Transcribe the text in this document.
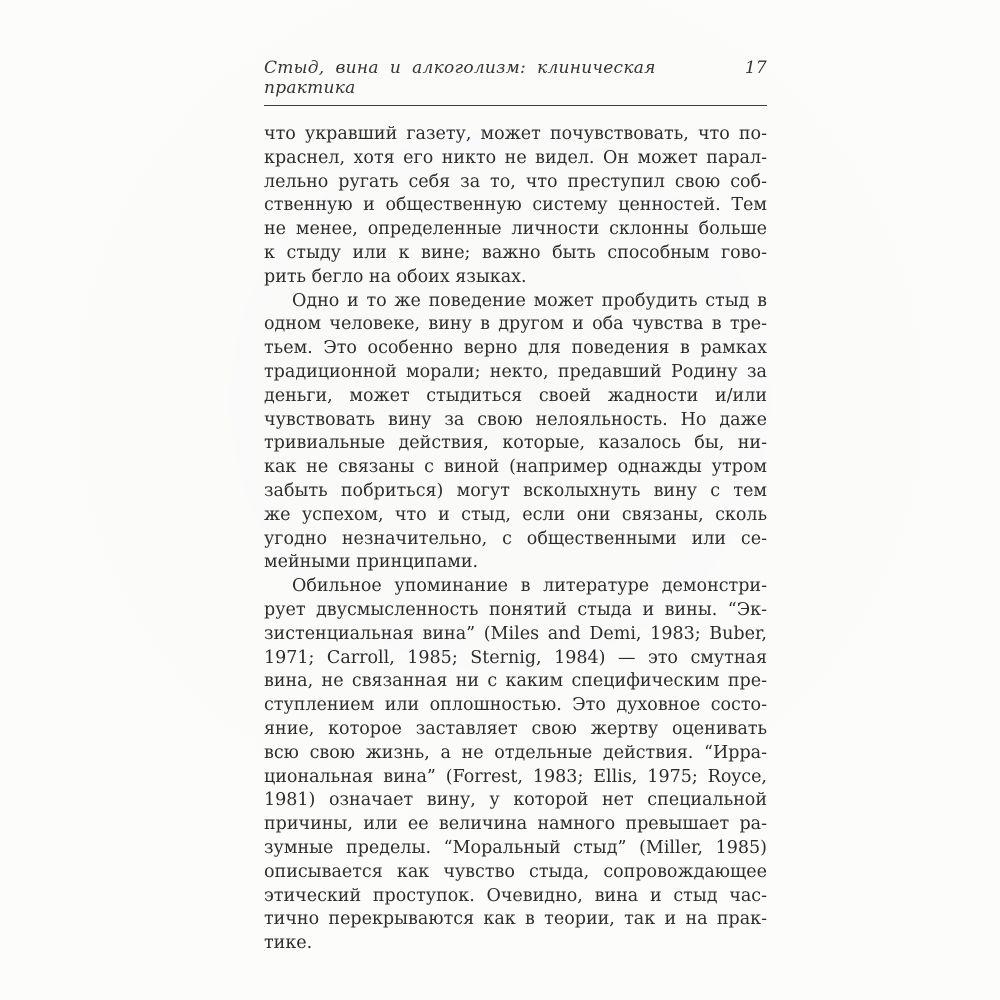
Стыд, вина и алкоголизм: клиническая практика
17
что укравший газету, может почувствовать, что по-
краснел, хотя его никто не видел. Он может парал-
лельно ругать себя за то, что преступил свою соб-
ственную и общественную систему ценностей. Тем
не менее, определенные личности склонны больше
к стыду или к вине; важно быть способным гово-
рить бегло на обоих языках.
Одно и то же поведение может пробудить стыд в
одном человеке, вину в другом и оба чувства в тре-
тьем. Это особенно верно для поведения в рамках
традиционной морали; некто, предавший Родину за
деньги, может стыдиться своей жадности и/или
чувствовать вину за свою нелояльность. Но даже
тривиальные действия, которые, казалось бы, ни-
как не связаны с виной (например однажды утром
забыть побриться) могут всколыхнуть вину с тем
же успехом, что и стыд, если они связаны, сколь
угодно незначительно, с общественными или се-
мейными принципами.
Обильное упоминание в литературе демонстри-
рует двусмысленность понятий стыда и вины. “Эк-
зистенциальная вина” (Miles and Demi, 1983; Buber,
1971; Carroll, 1985; Sternig, 1984) — это смутная
вина, не связанная ни с каким специфическим пре-
ступлением или оплошностью. Это духовное состо-
яние, которое заставляет свою жертву оценивать
всю свою жизнь, а не отдельные действия. “Ирра-
циональная вина” (Forrest, 1983; Ellis, 1975; Royce,
1981) означает вину, у которой нет специальной
причины, или ее величина намного превышает ра-
зумные пределы. “Моральный стыд” (Miller, 1985)
описывается как чувство стыда, сопровождающее
этический проступок. Очевидно, вина и стыд час-
тично перекрываются как в теории, так и на прак-
тике.
